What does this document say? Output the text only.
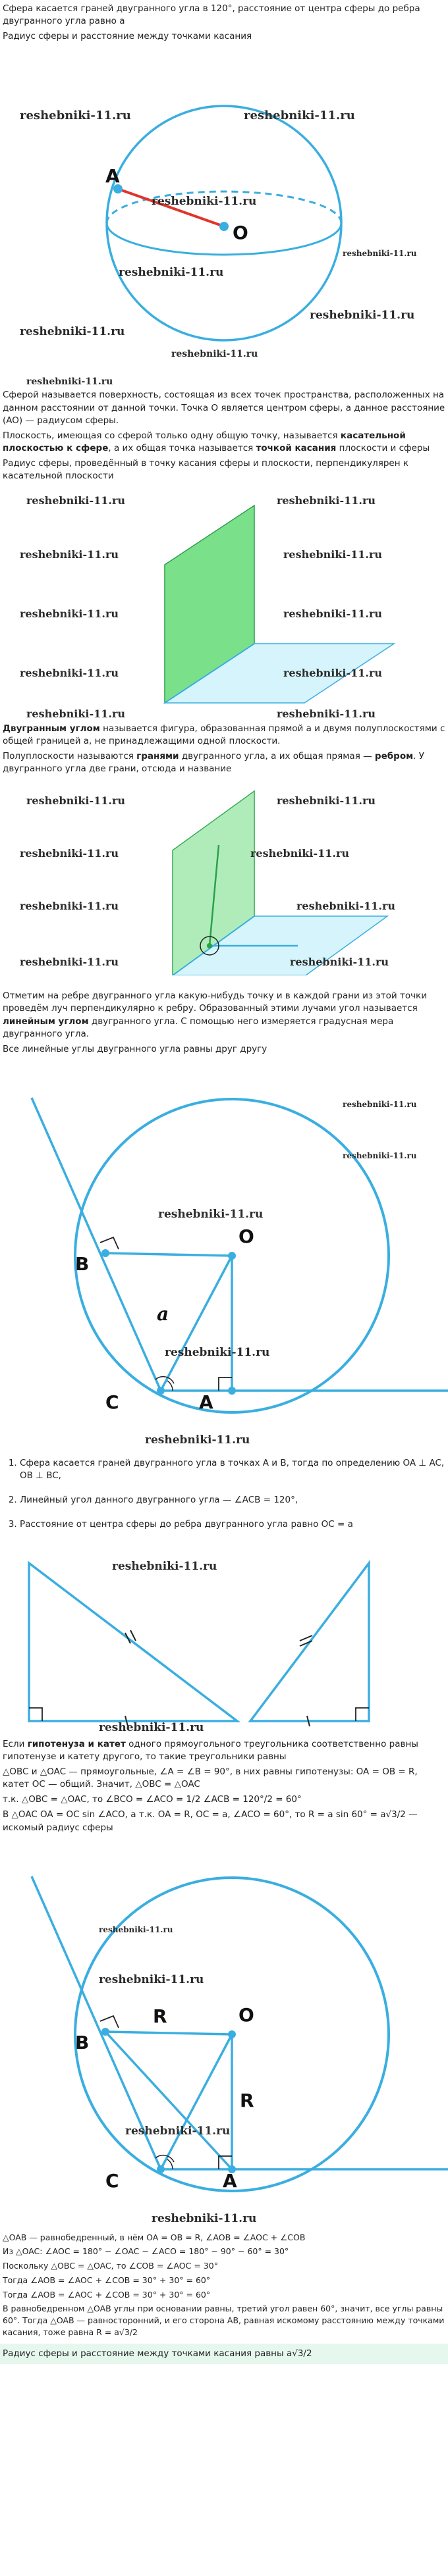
Сфера касается граней двугранного угла в 120°, расстояние от центра сферы до ребра двугранного угла равно a

Радиус сферы и расстояние между точками касания

A
O
reshebniki-11.ru	reshebniki-11.ru
reshebniki-11.ru
reshebniki-11.ru
reshebniki-11.ru
reshebniki-11.ru
reshebniki-11.ru
reshebniki-11.ru
reshebniki-11.ru

Сферой называется поверхность, состоящая из всех точек пространства, расположенных на данном расстоянии от данной точки. Точка O является центром сферы, а данное расстояние (AO) — радиусом сферы.

Плоскость, имеющая со сферой только одну общую точку, называется касательной плоскостью к сфере, а их общая точка называется точкой касания плоскости и сферы

Радиус сферы, проведённый в точку касания сферы и плоскости, перпендикулярен к касательной плоскости

reshebniki-11.ru	reshebniki-11.ru
reshebniki-11.ru	reshebniki-11.ru
reshebniki-11.ru	reshebniki-11.ru
reshebniki-11.ru	reshebniki-11.ru
reshebniki-11.ru	reshebniki-11.ru

Двугранным углом называется фигура, образованная прямой a и двумя полуплоскостями с общей границей a, не принадлежащими одной плоскости.

Полуплоскости называются гранями двугранного угла, а их общая прямая — ребром. У двугранного угла две грани, отсюда и название

reshebniki-11.ru	reshebniki-11.ru
reshebniki-11.ru	reshebniki-11.ru
reshebniki-11.ru	reshebniki-11.ru
reshebniki-11.ru	reshebniki-11.ru

Отметим на ребре двугранного угла какую-нибудь точку и в каждой грани из этой точки проведём луч перпендикулярно к ребру. Образованный этими лучами угол называется линейным углом двугранного угла. С помощью него измеряется градусная мера двугранного угла.

Все линейные углы двугранного угла равны друг другу

B
O
a
C	A
reshebniki-11.ru
reshebniki-11.ru
reshebniki-11.ru
reshebniki-11.ru
reshebniki-11.ru
1. Сфера касается граней двугранного угла в точках A и B, тогда по определению OA ⊥ AC, OB ⊥ BC,
2. Линейный угол данного двугранного угла — ∠ACB = 120°,
3. Расстояние от центра сферы до ребра двугранного угла равно OC = a
reshebniki-11.ru
reshebniki-11.ru

Если гипотенуза и катет одного прямоугольного треугольника соответственно равны гипотенузе и катету другого, то такие треугольники равны

△OBC и △OAC — прямоугольные, ∠A = ∠B = 90°, в них равны гипотенузы: OA = OB = R, катет OC — общий. Значит, △OBC = △OAC

т.к. △OBC = △OAC, то ∠BCO = ∠ACO = 1/2 ∠ACB = 120°/2 = 60°

В △OAC OA = OC sin ∠ACO, а т.к. OA = R, OC = a, ∠ACO = 60°, то R = a sin 60° = a√3/2 — искомый радиус сферы

B
O
R
R
C	A
reshebniki-11.ru
reshebniki-11.ru
reshebniki-11.ru
reshebniki-11.ru

△OAB — равнобедренный, в нём OA = OB = R, ∠AOB = ∠AOC + ∠COB

Из △OAC: ∠AOC = 180° − ∠OAC − ∠ACO = 180° − 90° − 60° = 30°

Поскольку △OBC = △OAC, то ∠COB = ∠AOC = 30°

Тогда ∠AOB = ∠AOC + ∠COB = 30° + 30° = 60°

Тогда ∠AOB = ∠AOC + ∠COB = 30° + 30° = 60°

В равнобедренном △OAB углы при основании равны, третий угол равен 60°, значит, все углы равны 60°. Тогда △OAB — равносторонний, и его сторона AB, равная искомому расстоянию между точками касания, тоже равна R = a√3/2

Радиус сферы и расстояние между точками касания равны a√3/2
